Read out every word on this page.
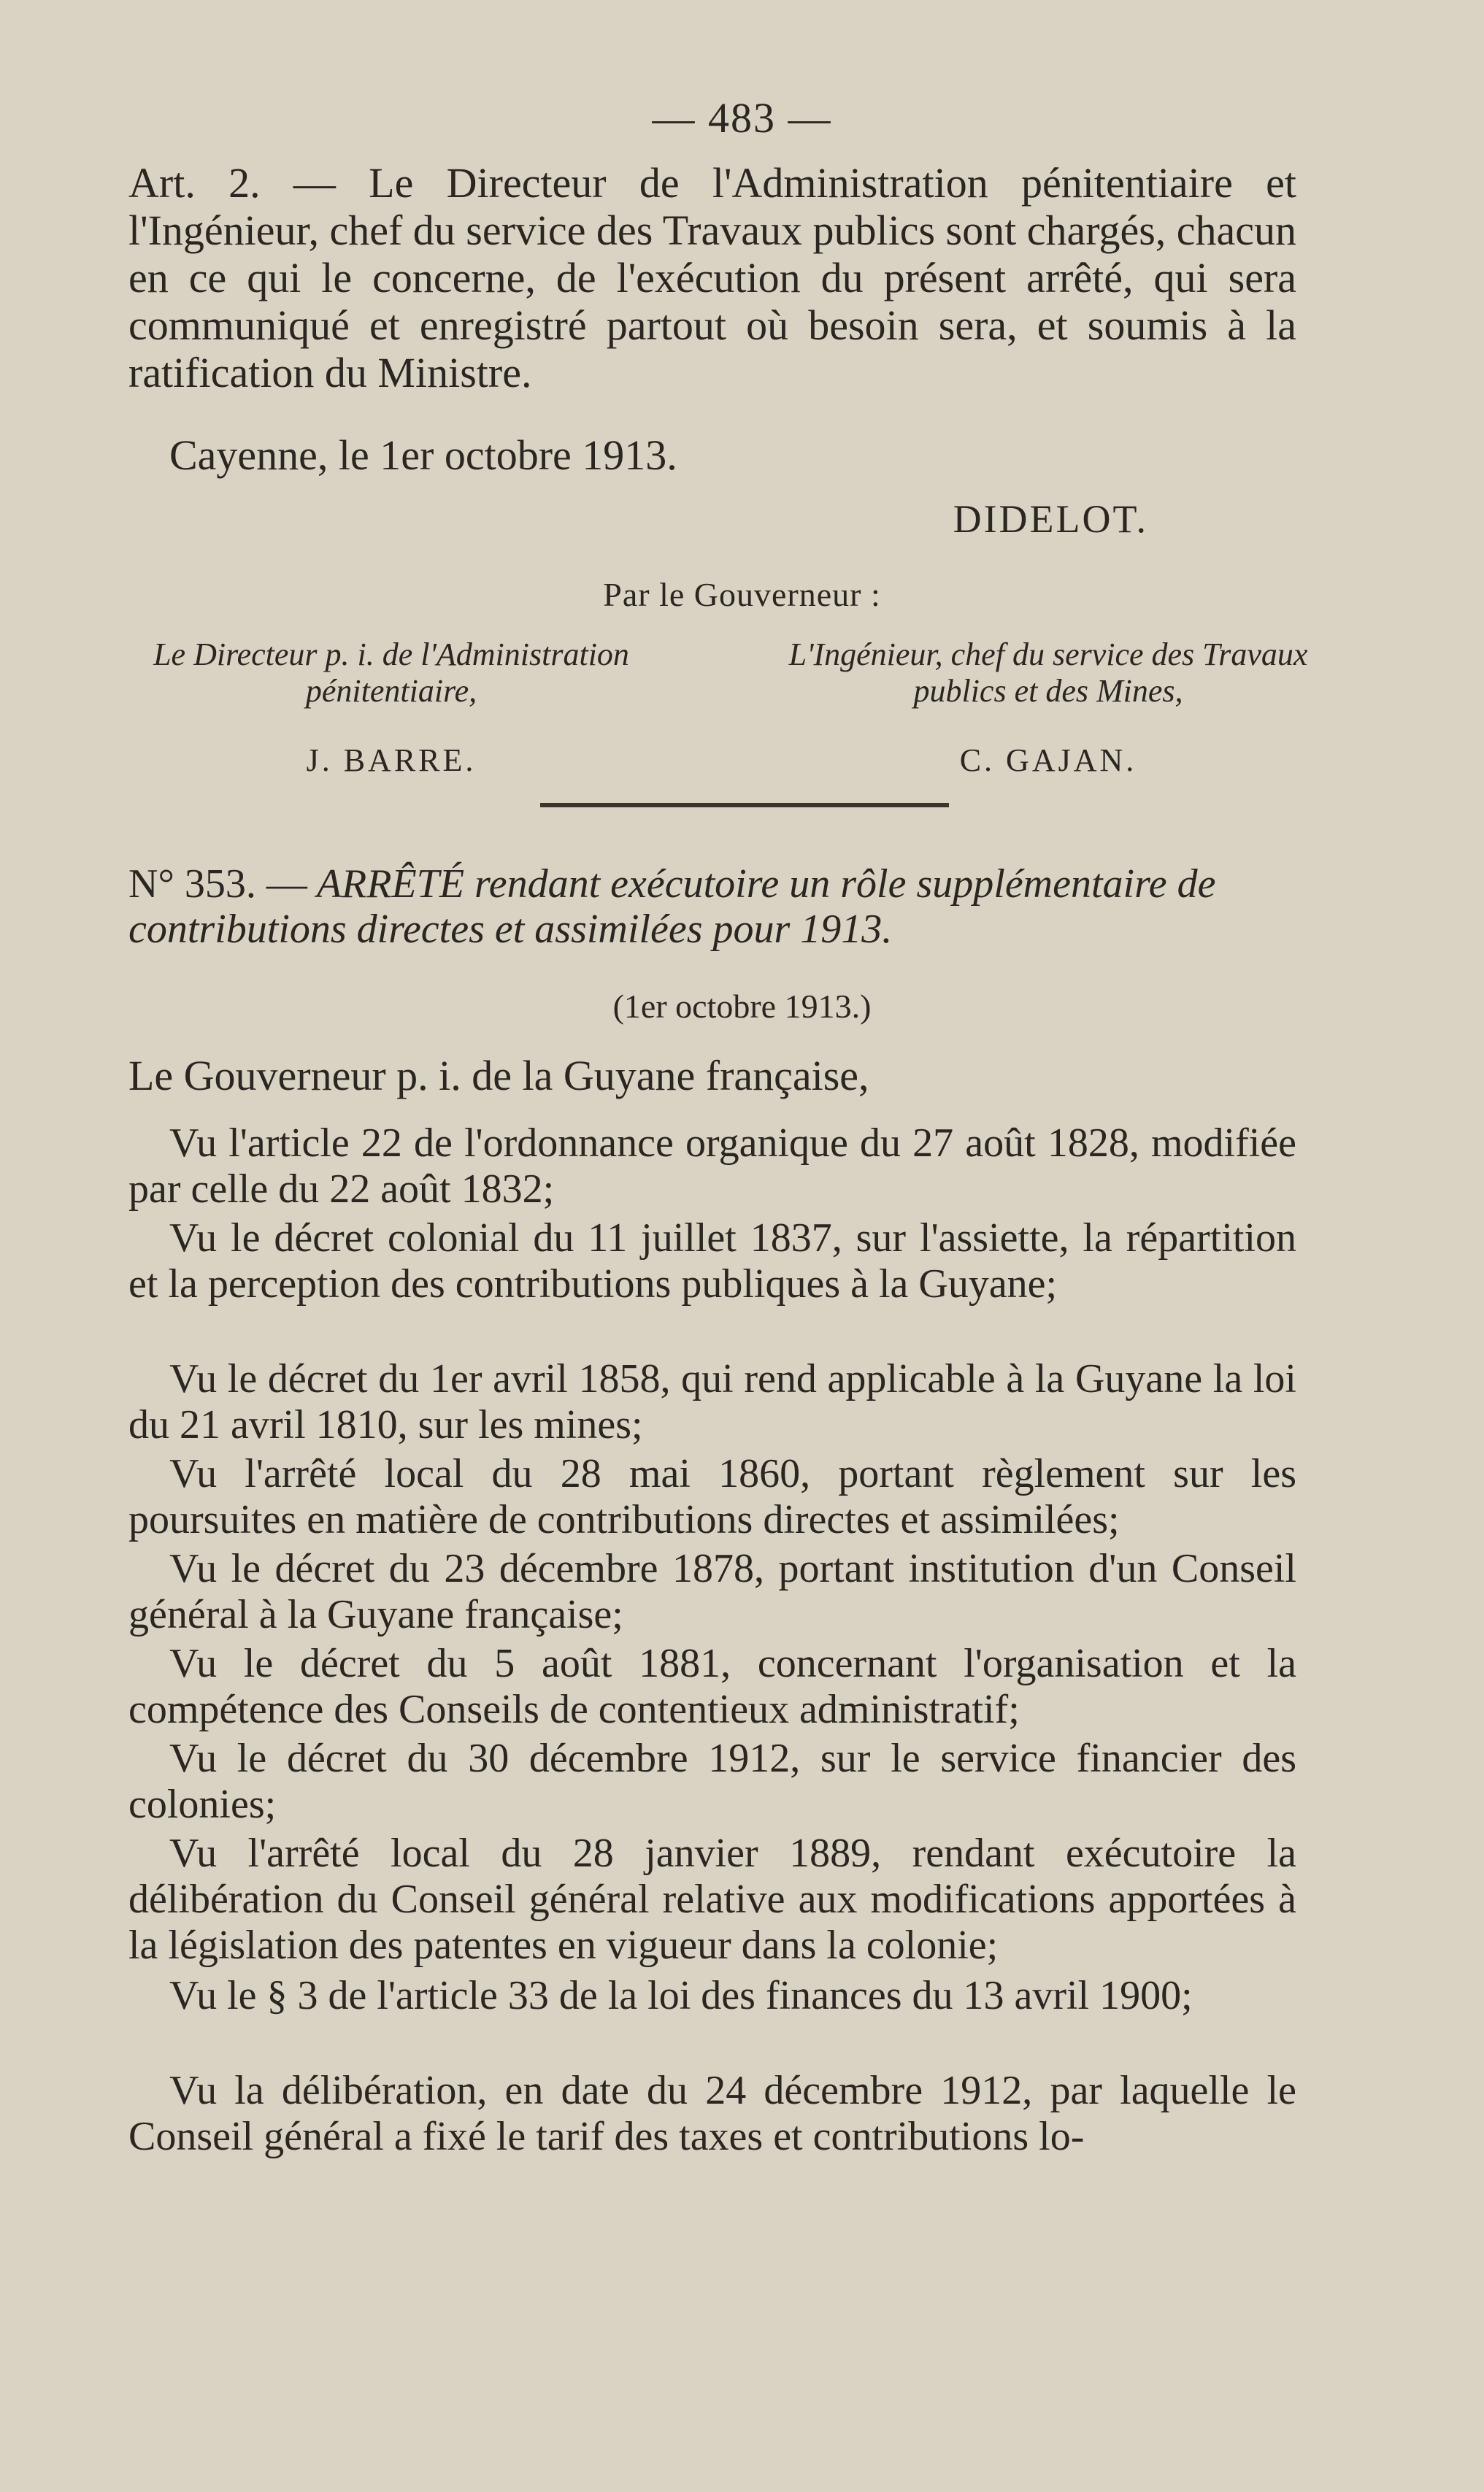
— 483 —
Art. 2. — Le Directeur de l'Administration pénitentiaire et l'Ingénieur, chef du service des Travaux publics sont chargés, chacun en ce qui le concerne, de l'exécution du présent arrêté, qui sera communiqué et enregistré partout où besoin sera, et soumis à la ratification du Ministre.
Cayenne, le 1er octobre 1913.
DIDELOT.
Par le Gouverneur :
Le Directeur p. i. de l'Administration pénitentiaire,
J. BARRE.
L'Ingénieur, chef du service des Travaux publics et des Mines,
C. GAJAN.
N° 353. — ARRÊTÉ rendant exécutoire un rôle supplémentaire de contributions directes et assimilées pour 1913.
(1er octobre 1913.)
Le Gouverneur p. i. de la Guyane française,
Vu l'article 22 de l'ordonnance organique du 27 août 1828, modifiée par celle du 22 août 1832;
Vu le décret colonial du 11 juillet 1837, sur l'assiette, la répartition et la perception des contributions publiques à la Guyane;
Vu le décret du 1er avril 1858, qui rend applicable à la Guyane la loi du 21 avril 1810, sur les mines;
Vu l'arrêté local du 28 mai 1860, portant règlement sur les poursuites en matière de contributions directes et assimilées;
Vu le décret du 23 décembre 1878, portant institution d'un Conseil général à la Guyane française;
Vu le décret du 5 août 1881, concernant l'organisation et la compétence des Conseils de contentieux administratif;
Vu le décret du 30 décembre 1912, sur le service financier des colonies;
Vu l'arrêté local du 28 janvier 1889, rendant exécutoire la délibération du Conseil général relative aux modifications apportées à la législation des patentes en vigueur dans la colonie;
Vu le § 3 de l'article 33 de la loi des finances du 13 avril 1900;
Vu la délibération, en date du 24 décembre 1912, par laquelle le Conseil général a fixé le tarif des taxes et contributions lo-
